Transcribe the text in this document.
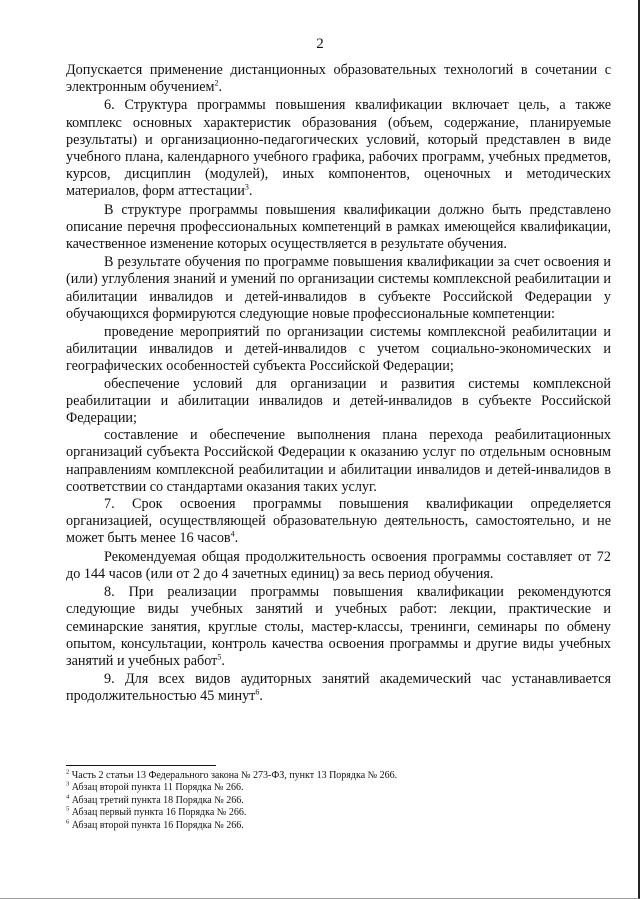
2

Допускается применение дистанционных образовательных технологий в сочетании с электронным обучением$^2$.

6. Структура программы повышения квалификации включает цель, а также комплекс основных характеристик образования (объем, содержание, планируемые результаты) и организационно-педагогических условий, который представлен в виде учебного плана, календарного учебного графика, рабочих программ, учебных предметов, курсов, дисциплин (модулей), иных компонентов, оценочных и методических материалов, форм аттестации$^3$.

В структуре программы повышения квалификации должно быть представлено описание перечня профессиональных компетенций в рамках имеющейся квалификации, качественное изменение которых осуществляется в результате обучения.

В результате обучения по программе повышения квалификации за счет освоения и (или) углубления знаний и умений по организации системы комплексной реабилитации и абилитации инвалидов и детей-инвалидов в субъекте Российской Федерации у обучающихся формируются следующие новые профессиональные компетенции:

проведение мероприятий по организации системы комплексной реабилитации и абилитации инвалидов и детей-инвалидов с учетом социально-экономических и географических особенностей субъекта Российской Федерации;

обеспечение условий для организации и развития системы комплексной реабилитации и абилитации инвалидов и детей-инвалидов в субъекте Российской Федерации;

составление и обеспечение выполнения плана перехода реабилитационных организаций субъекта Российской Федерации к оказанию услуг по отдельным основным направлениям комплексной реабилитации и абилитации инвалидов и детей-инвалидов в соответствии со стандартами оказания таких услуг.

7. Срок освоения программы повышения квалификации определяется организацией, осуществляющей образовательную деятельность, самостоятельно, и не может быть менее 16 часов$^4$.

Рекомендуемая общая продолжительность освоения программы составляет от 72 до 144 часов (или от 2 до 4 зачетных единиц) за весь период обучения.

8. При реализации программы повышения квалификации рекомендуются следующие виды учебных занятий и учебных работ: лекции, практические и семинарские занятия, круглые столы, мастер-классы, тренинги, семинары по обмену опытом, консультации, контроль качества освоения программы и другие виды учебных занятий и учебных работ$^5$.

9. Для всех видов аудиторных занятий академический час устанавливается продолжительностью 45 минут$^6$.

$^2$ Часть 2 статьи 13 Федерального закона № 273-ФЗ, пункт 13 Порядка № 266.
$^3$ Абзац второй пункта 11 Порядка № 266.
$^4$ Абзац третий пункта 18 Порядка № 266.
$^5$ Абзац первый пункта 16 Порядка № 266.
$^6$ Абзац второй пункта 16 Порядка № 266.
